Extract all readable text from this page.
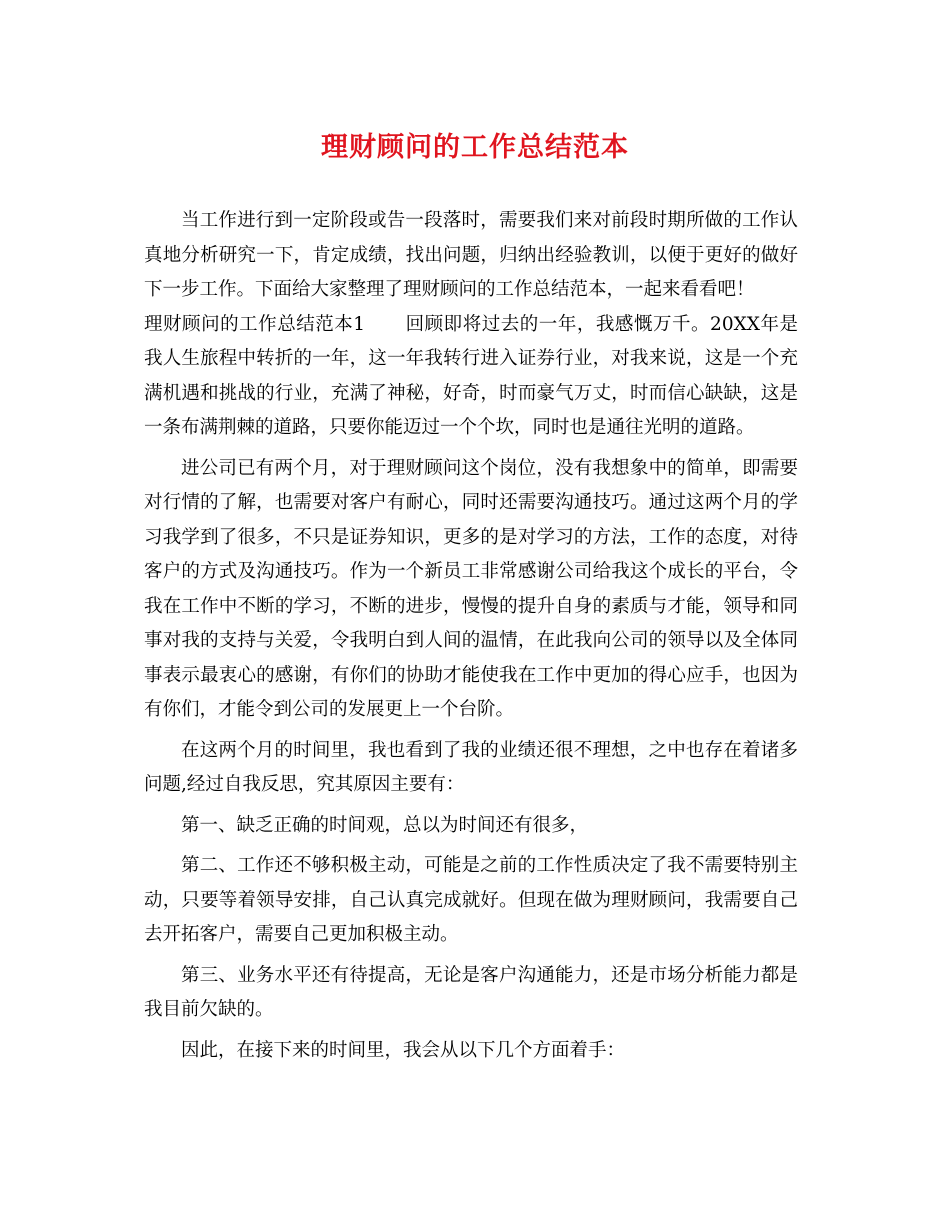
理财顾问的工作总结范本

当工作进行到一定阶段或告一段落时，需要我们来对前段时期所做的工作认真地分析研究一下，肯定成绩，找出问题，归纳出经验教训，以便于更好的做好下一步工作。下面给大家整理了理财顾问的工作总结范本，一起来看看吧！

理财顾问的工作总结范本1 回顾即将过去的一年，我感慨万千。20XX年是我人生旅程中转折的一年，这一年我转行进入证券行业，对我来说，这是一个充满机遇和挑战的行业，充满了神秘，好奇，时而豪气万丈，时而信心缺缺，这是一条布满荆棘的道路，只要你能迈过一个个坎，同时也是通往光明的道路。

进公司已有两个月，对于理财顾问这个岗位，没有我想象中的简单，即需要对行情的了解，也需要对客户有耐心，同时还需要沟通技巧。通过这两个月的学习我学到了很多，不只是证券知识，更多的是对学习的方法，工作的态度，对待客户的方式及沟通技巧。作为一个新员工非常感谢公司给我这个成长的平台，令我在工作中不断的学习，不断的进步，慢慢的提升自身的素质与才能，领导和同事对我的支持与关爱，令我明白到人间的温情，在此我向公司的领导以及全体同事表示最衷心的感谢，有你们的协助才能使我在工作中更加的得心应手，也因为有你们，才能令到公司的发展更上一个台阶。

在这两个月的时间里，我也看到了我的业绩还很不理想，之中也存在着诸多问题,经过自我反思，究其原因主要有：

第一、缺乏正确的时间观，总以为时间还有很多，

第二、工作还不够积极主动，可能是之前的工作性质决定了我不需要特别主动，只要等着领导安排，自己认真完成就好。但现在做为理财顾问，我需要自己去开拓客户，需要自己更加积极主动。

第三、业务水平还有待提高，无论是客户沟通能力，还是市场分析能力都是我目前欠缺的。

因此，在接下来的时间里，我会从以下几个方面着手：
